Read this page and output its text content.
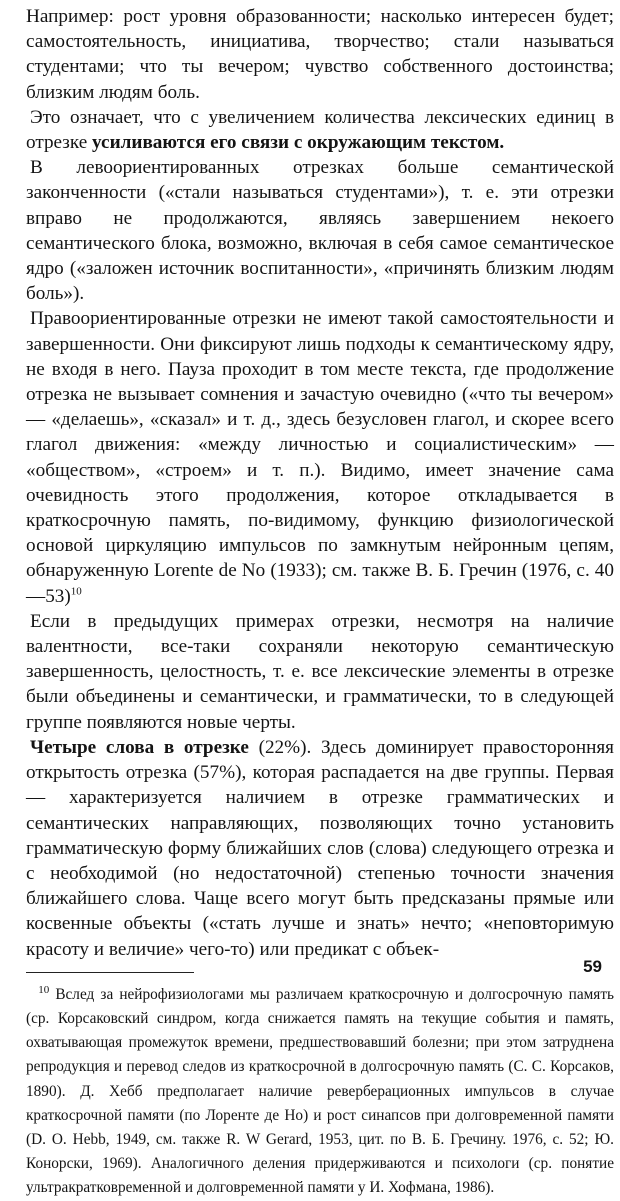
Например: рост уровня образованности; насколько интересен будет; самостоятельность, инициатива, творчество; стали называться студентами; что ты вечером; чувство собственного достоинства; близким людям боль.

Это означает, что с увеличением количества лексических единиц в отрезке усиливаются его связи с окружающим текстом.

В левоориентированных отрезках больше семантической законченности («стали называться студентами»), т. е. эти отрезки вправо не продолжаются, являясь завершением некоего семантического блока, возможно, включая в себя самое семантическое ядро («заложен источник воспитанности», «причинять близким людям боль»).

Правоориентированные отрезки не имеют такой самостоятельности и завершенности. Они фиксируют лишь подходы к семантическому ядру, не входя в него. Пауза проходит в том месте текста, где продолжение отрезка не вызывает сомнения и зачастую очевидно («что ты вечером» — «делаешь», «сказал» и т. д., здесь безусловен глагол, и скорее всего глагол движения: «между личностью и социалистическим» — «обществом», «строем» и т. п.). Видимо, имеет значение сама очевидность этого продолжения, которое откладывается в краткосрочную память, по-видимому, функцию физиологической основой циркуляцию импульсов по замкнутым нейронным цепям, обнаруженную Lorente de No (1933); см. также В. Б. Гречин (1976, с. 40—53)$^{10}$

Если в предыдущих примерах отрезки, несмотря на наличие валентности, все-таки сохраняли некоторую семантическую завершенность, целостность, т. е. все лексические элементы в отрезке были объединены и семантически, и грамматически, то в следующей группе появляются новые черты.

Четыре слова в отрезке (22%). Здесь доминирует правосторонняя открытость отрезка (57%), которая распадается на две группы. Первая — характеризуется наличием в отрезке грамматических и семантических направляющих, позволяющих точно установить грамматическую форму ближайших слов (слова) следующего отрезка и с необходимой (но недостаточной) степенью точности значения ближайшего слова. Чаще всего могут быть предсказаны прямые или косвенные объекты («стать лучше и знать» нечто; «неповторимую красоту и величие» чего-то) или предикат с объек-

$^{10}$ Вслед за нейрофизиологами мы различаем краткосрочную и долгосрочную память (ср. Корсаковский синдром, когда снижается память на текущие события и память, охватывающая промежуток времени, предшествовавший болезни; при этом затруднена репродукция и перевод следов из краткосрочной в долгосрочную память (С. С. Корсаков, 1890). Д. Хебб предполагает наличие реверберационных импульсов в случае краткосрочной памяти (по Лоренте де Но) и рост синапсов при долговременной памяти (D. O. Hebb, 1949, см. также R. W Gerard, 1953, цит. по В. Б. Гречину. 1976, с. 52; Ю. Конорски, 1969). Аналогичного деления придерживаются и психологи (ср. понятие ультракратковременной и долговременной памяти у И. Хофмана, 1986).

59
